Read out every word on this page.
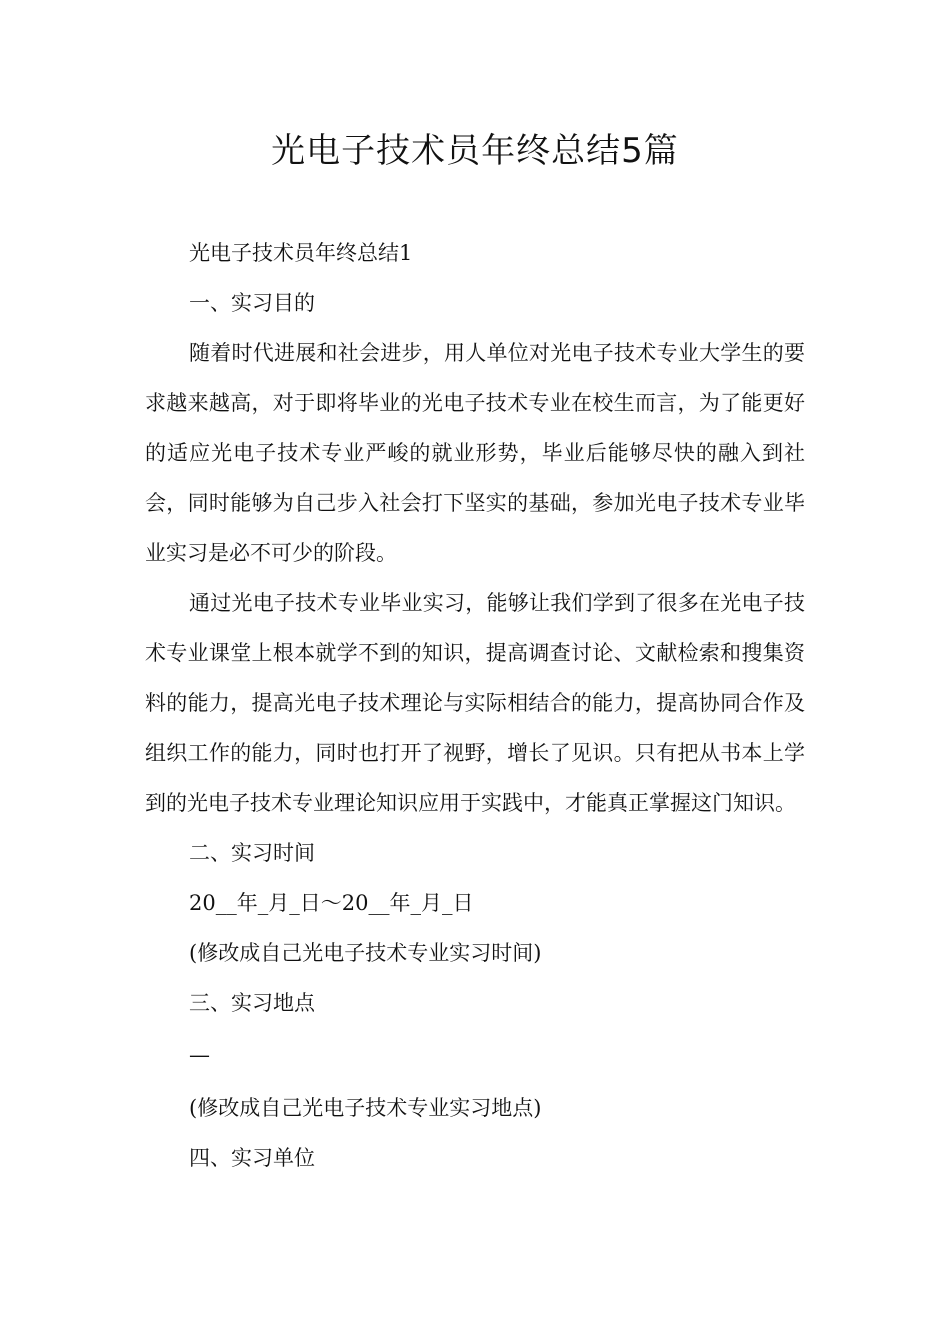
光电子技术员年终总结5篇
光电子技术员年终总结1
一、实习目的

随着时代进展和社会进步，用人单位对光电子技术专业大学生的要求越来越高，对于即将毕业的光电子技术专业在校生而言，为了能更好的适应光电子技术专业严峻的就业形势，毕业后能够尽快的融入到社会，同时能够为自己步入社会打下坚实的基础，参加光电子技术专业毕业实习是必不可少的阶段。

通过光电子技术专业毕业实习，能够让我们学到了很多在光电子技术专业课堂上根本就学不到的知识，提高调查讨论、文献检索和搜集资料的能力，提高光电子技术理论与实际相结合的能力，提高协同合作及组织工作的能力，同时也打开了视野，增长了见识。只有把从书本上学到的光电子技术专业理论知识应用于实践中，才能真正掌握这门知识。

二、实习时间
20__年_月_日～20__年_月_日
(修改成自己光电子技术专业实习时间)
三、实习地点
—
(修改成自己光电子技术专业实习地点)
四、实习单位
